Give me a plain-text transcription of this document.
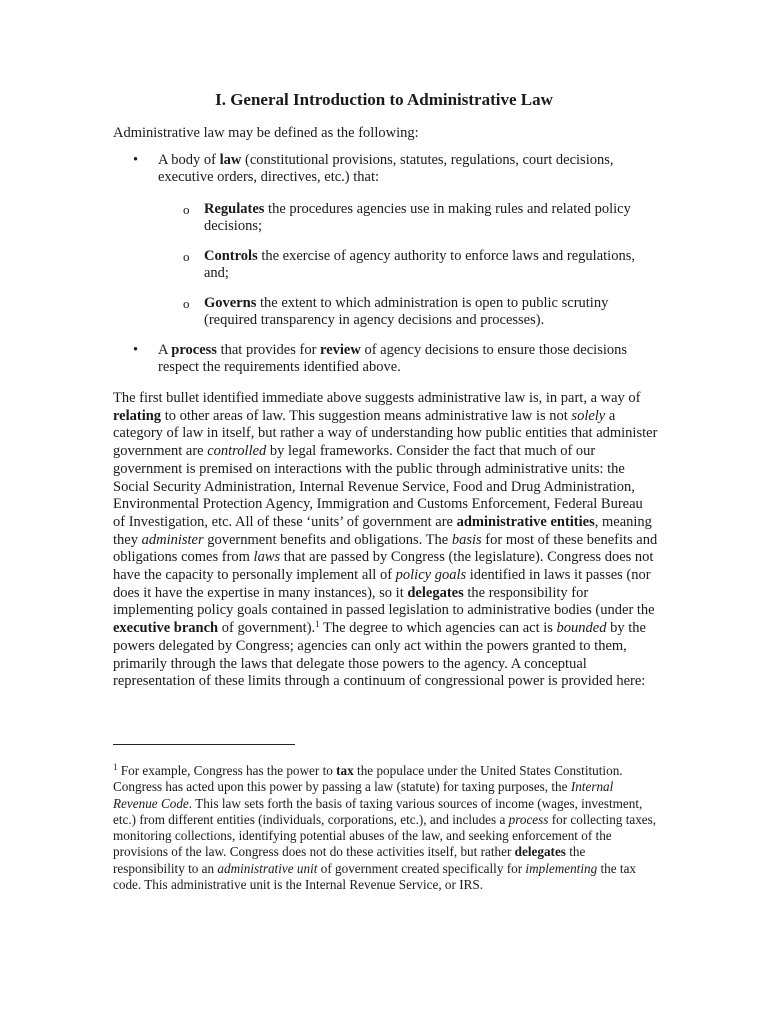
I. General Introduction to Administrative Law

Administrative law may be defined as the following:

• A body of law (constitutional provisions, statutes, regulations, court decisions, executive orders, directives, etc.) that:

o Regulates the procedures agencies use in making rules and related policy decisions;

o Controls the exercise of agency authority to enforce laws and regulations, and;

o Governs the extent to which administration is open to public scrutiny (required transparency in agency decisions and processes).

• A process that provides for review of agency decisions to ensure those decisions respect the requirements identified above.

The first bullet identified immediate above suggests administrative law is, in part, a way of relating to other areas of law. This suggestion means administrative law is not solely a category of law in itself, but rather a way of understanding how public entities that administer government are controlled by legal frameworks. Consider the fact that much of our government is premised on interactions with the public through administrative units: the Social Security Administration, Internal Revenue Service, Food and Drug Administration, Environmental Protection Agency, Immigration and Customs Enforcement, Federal Bureau of Investigation, etc. All of these ‘units’ of government are administrative entities, meaning they administer government benefits and obligations. The basis for most of these benefits and obligations comes from laws that are passed by Congress (the legislature). Congress does not have the capacity to personally implement all of policy goals identified in laws it passes (nor does it have the expertise in many instances), so it delegates the responsibility for implementing policy goals contained in passed legislation to administrative bodies (under the executive branch of government).$^1$ The degree to which agencies can act is bounded by the powers delegated by Congress; agencies can only act within the powers granted to them, primarily through the laws that delegate those powers to the agency. A conceptual representation of these limits through a continuum of congressional power is provided here:

$^1$ For example, Congress has the power to tax the populace under the United States Constitution. Congress has acted upon this power by passing a law (statute) for taxing purposes, the Internal Revenue Code. This law sets forth the basis of taxing various sources of income (wages, investment, etc.) from different entities (individuals, corporations, etc.), and includes a process for collecting taxes, monitoring collections, identifying potential abuses of the law, and seeking enforcement of the provisions of the law. Congress does not do these activities itself, but rather delegates the responsibility to an administrative unit of government created specifically for implementing the tax code. This administrative unit is the Internal Revenue Service, or IRS.
